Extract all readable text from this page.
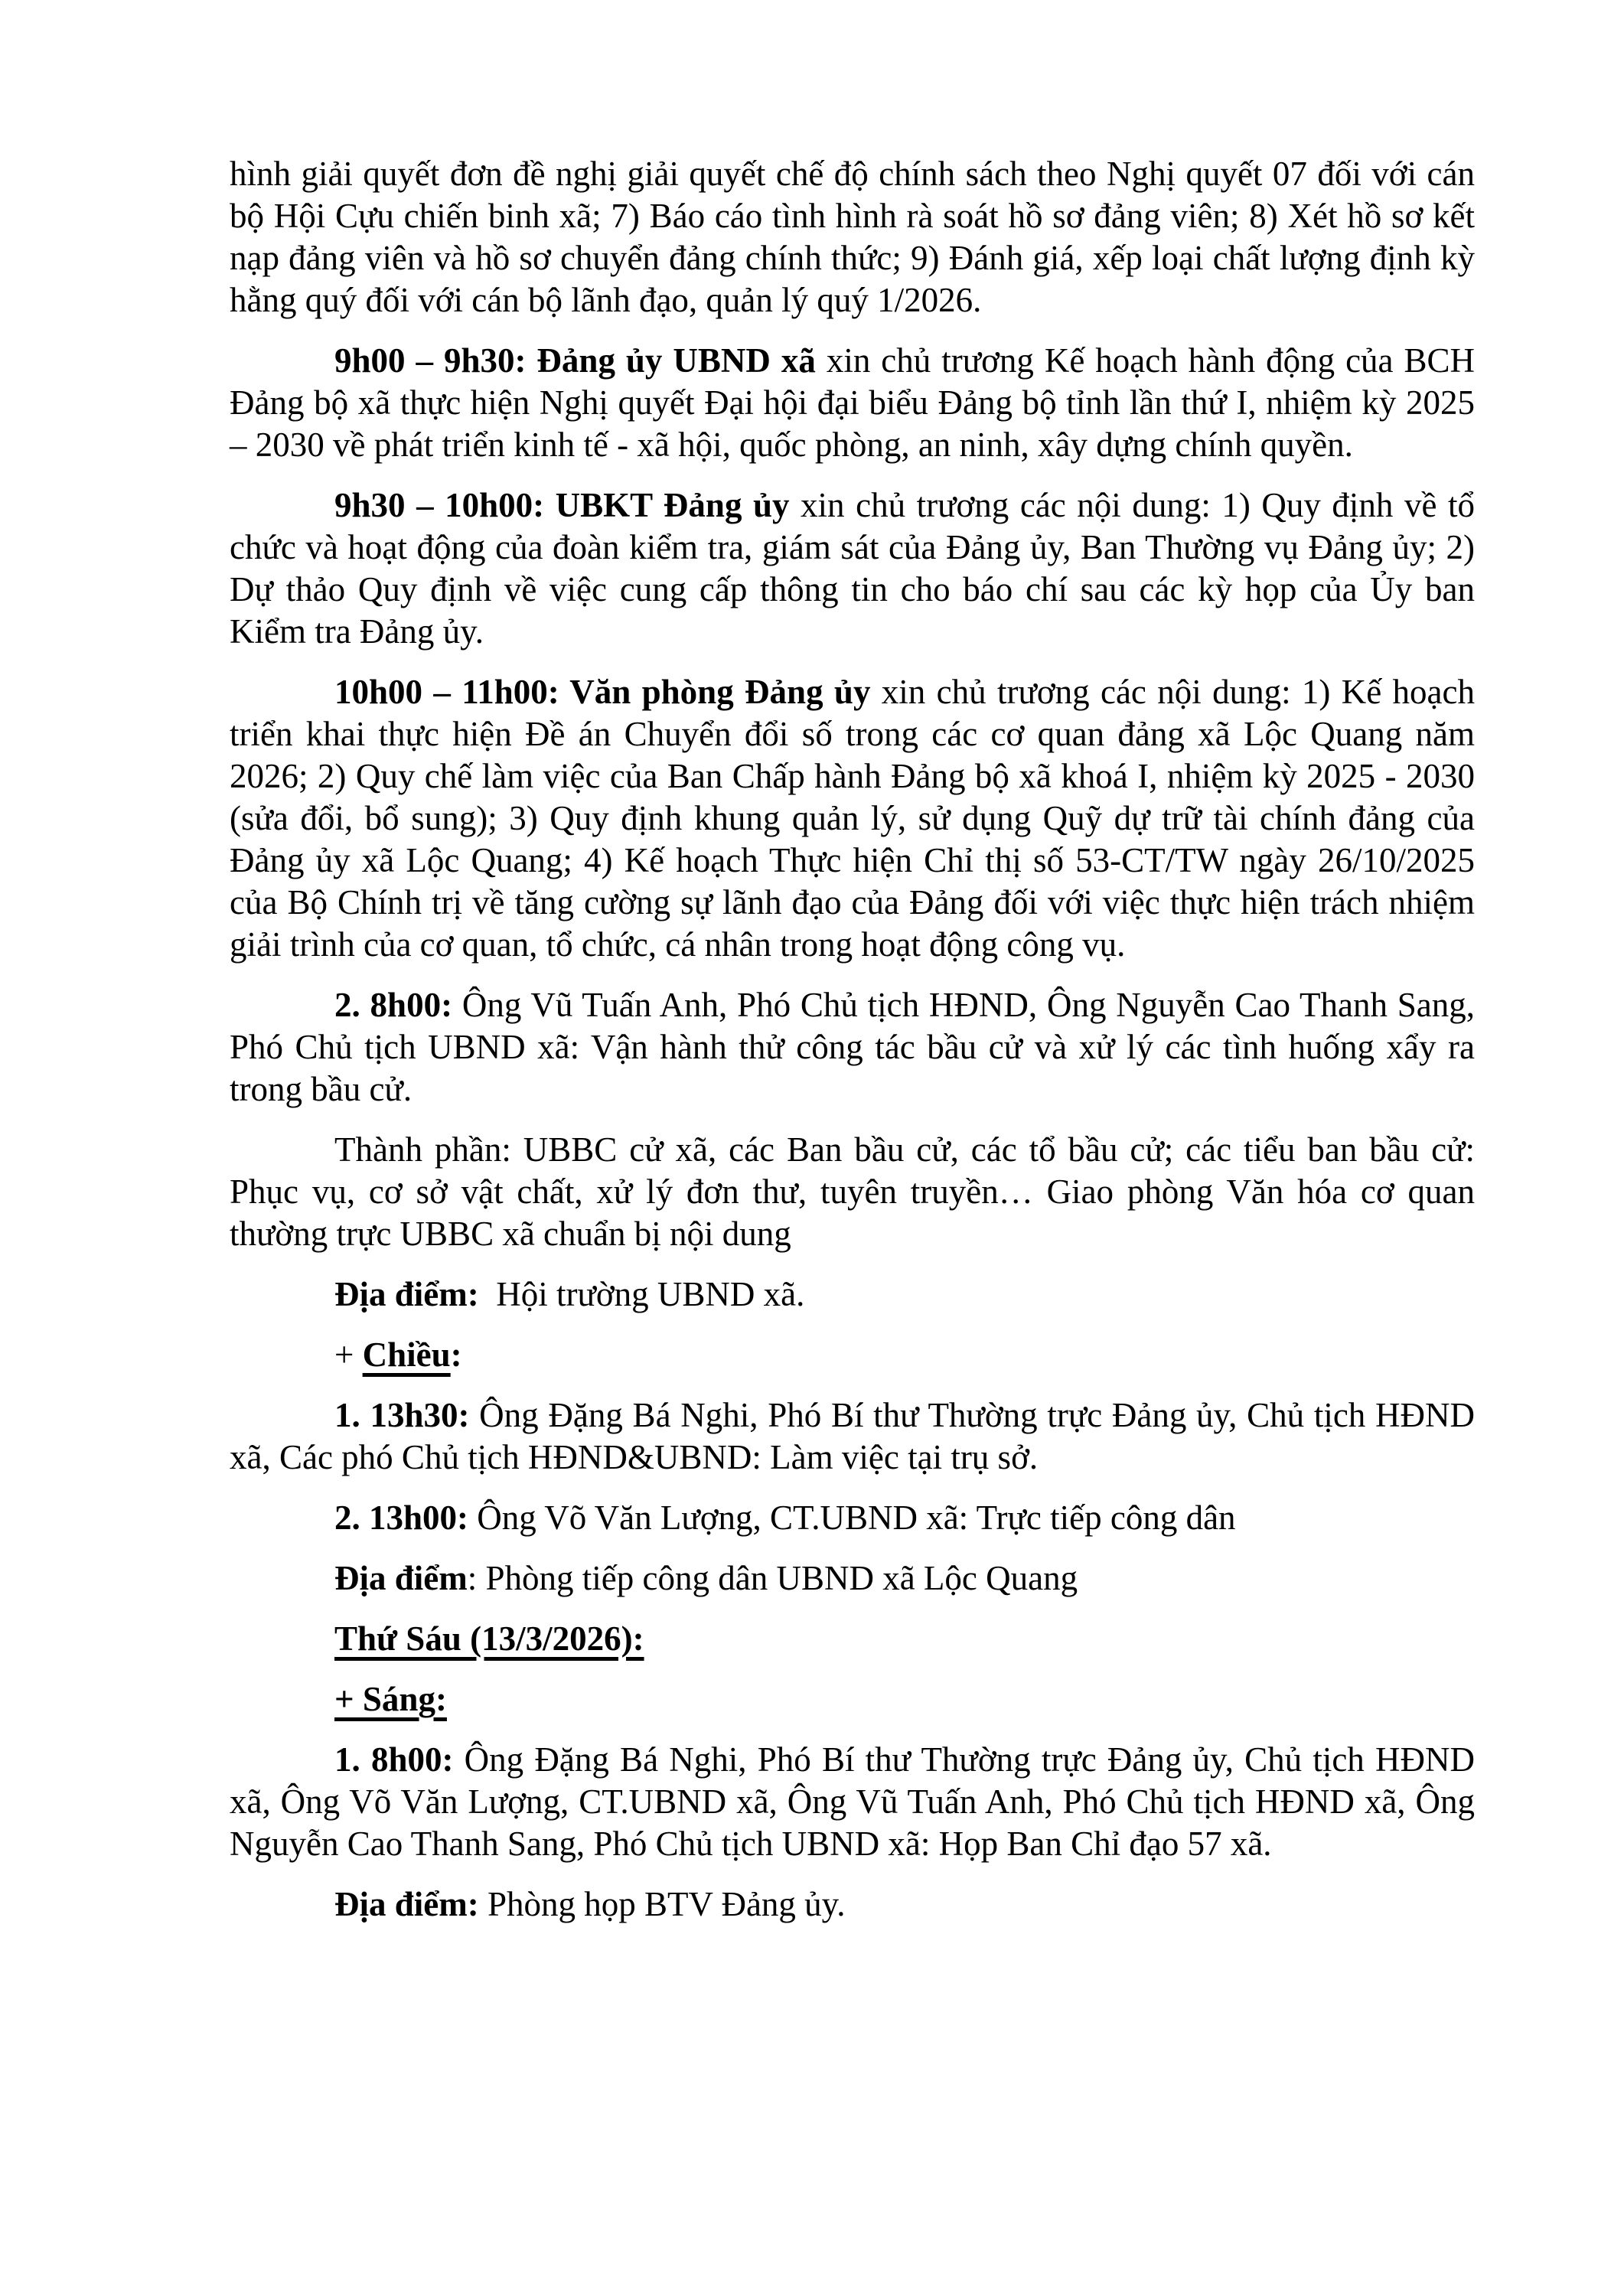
hình giải quyết đơn đề nghị giải quyết chế độ chính sách theo Nghị quyết 07 đối với cán bộ Hội Cựu chiến binh xã; 7) Báo cáo tình hình rà soát hồ sơ đảng viên; 8) Xét hồ sơ kết nạp đảng viên và hồ sơ chuyển đảng chính thức; 9) Đánh giá, xếp loại chất lượng định kỳ hằng quý đối với cán bộ lãnh đạo, quản lý quý 1/2026.

9h00 – 9h30: Đảng ủy UBND xã xin chủ trương Kế hoạch hành động của BCH Đảng bộ xã thực hiện Nghị quyết Đại hội đại biểu Đảng bộ tỉnh lần thứ I, nhiệm kỳ 2025 – 2030 về phát triển kinh tế - xã hội, quốc phòng, an ninh, xây dựng chính quyền.

9h30 – 10h00: UBKT Đảng ủy xin chủ trương các nội dung: 1) Quy định về tổ chức và hoạt động của đoàn kiểm tra, giám sát của Đảng ủy, Ban Thường vụ Đảng ủy; 2) Dự thảo Quy định về việc cung cấp thông tin cho báo chí sau các kỳ họp của Ủy ban Kiểm tra Đảng ủy.

10h00 – 11h00: Văn phòng Đảng ủy xin chủ trương các nội dung: 1) Kế hoạch triển khai thực hiện Đề án Chuyển đổi số trong các cơ quan đảng xã Lộc Quang năm 2026; 2) Quy chế làm việc của Ban Chấp hành Đảng bộ xã khoá I, nhiệm kỳ 2025 - 2030 (sửa đổi, bổ sung); 3) Quy định khung quản lý, sử dụng Quỹ dự trữ tài chính đảng của Đảng ủy xã Lộc Quang; 4) Kế hoạch Thực hiện Chỉ thị số 53-CT/TW ngày 26/10/2025 của Bộ Chính trị về tăng cường sự lãnh đạo của Đảng đối với việc thực hiện trách nhiệm giải trình của cơ quan, tổ chức, cá nhân trong hoạt động công vụ.

2. 8h00: Ông Vũ Tuấn Anh, Phó Chủ tịch HĐND, Ông Nguyễn Cao Thanh Sang, Phó Chủ tịch UBND xã: Vận hành thử công tác bầu cử và xử lý các tình huống xẩy ra trong bầu cử.

Thành phần: UBBC cử xã, các Ban bầu cử, các tổ bầu cử; các tiểu ban bầu cử: Phục vụ, cơ sở vật chất, xử lý đơn thư, tuyên truyền… Giao phòng Văn hóa cơ quan thường trực UBBC xã chuẩn bị nội dung

Địa điểm:  Hội trường UBND xã.

+ Chiều:

1. 13h30: Ông Đặng Bá Nghi, Phó Bí thư Thường trực Đảng ủy, Chủ tịch HĐND xã, Các phó Chủ tịch HĐND&UBND: Làm việc tại trụ sở.

2. 13h00: Ông Võ Văn Lượng, CT.UBND xã: Trực tiếp công dân

Địa điểm: Phòng tiếp công dân UBND xã Lộc Quang

Thứ Sáu (13/3/2026):

+ Sáng:

1. 8h00: Ông Đặng Bá Nghi, Phó Bí thư Thường trực Đảng ủy, Chủ tịch HĐND xã, Ông Võ Văn Lượng, CT.UBND xã, Ông Vũ Tuấn Anh, Phó Chủ tịch HĐND xã, Ông Nguyễn Cao Thanh Sang, Phó Chủ tịch UBND xã: Họp Ban Chỉ đạo 57 xã.

Địa điểm: Phòng họp BTV Đảng ủy.
